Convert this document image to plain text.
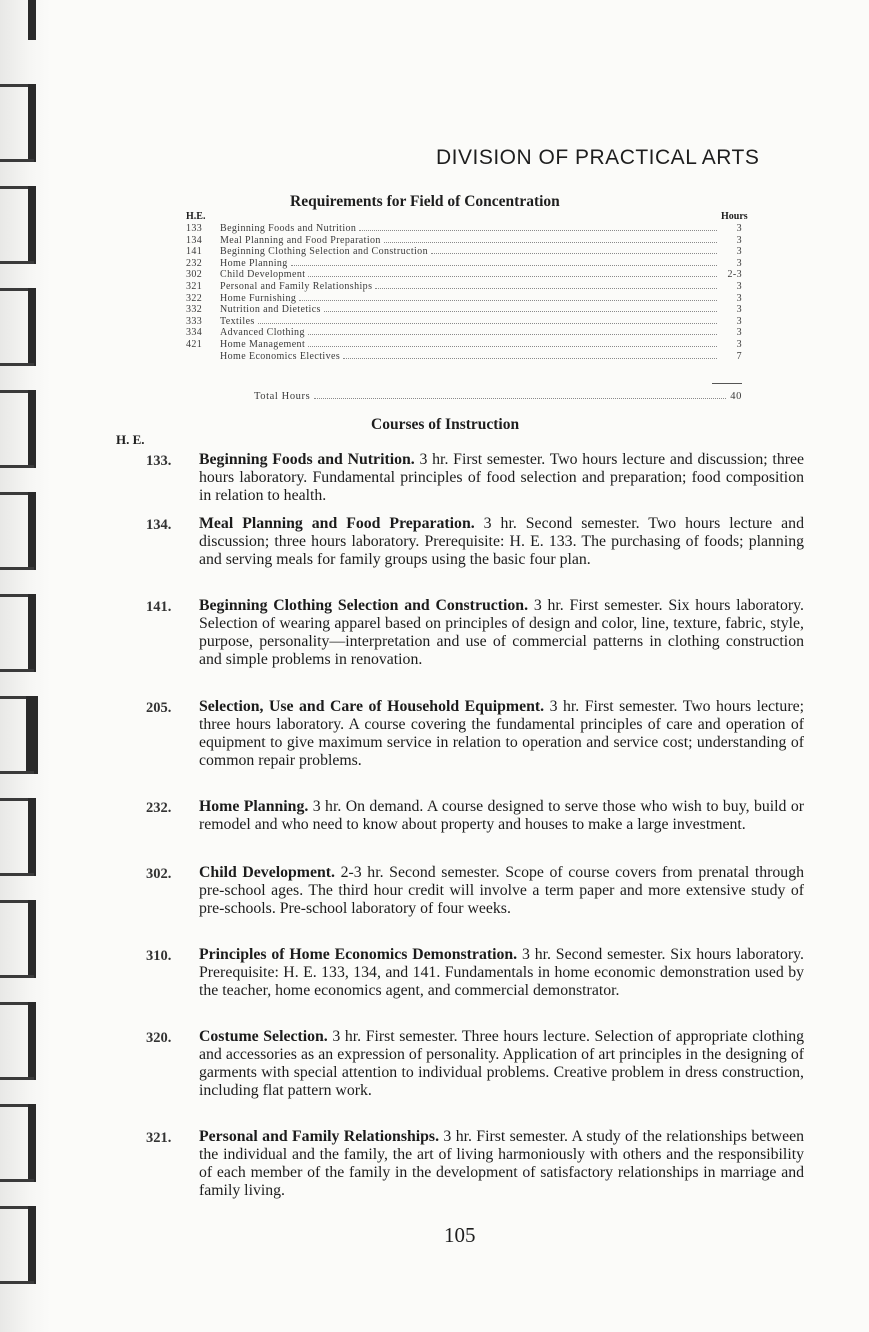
DIVISION OF PRACTICAL ARTS
Requirements for Field of Concentration
H.E.	Hours
133	Beginning Foods and Nutrition	3
134	Meal Planning and Food Preparation	3
141	Beginning Clothing Selection and Construction	3
232	Home Planning	3
302	Child Development	2-3
321	Personal and Family Relationships	3
322	Home Furnishing	3
332	Nutrition and Dietetics	3
333	Textiles	3
334	Advanced Clothing	3
421	Home Management	3
Home Economics Electives	7
Total Hours	40
Courses of Instruction
H. E.
133. Beginning Foods and Nutrition. 3 hr. First semester. Two hours lecture and discussion; three hours laboratory. Fundamental principles of food selection and preparation; food composition in relation to health.
134. Meal Planning and Food Preparation. 3 hr. Second semester. Two hours lecture and discussion; three hours laboratory. Prerequisite: H. E. 133. The purchasing of foods; planning and serving meals for family groups using the basic four plan.
141. Beginning Clothing Selection and Construction. 3 hr. First semester. Six hours laboratory. Selection of wearing apparel based on principles of design and color, line, texture, fabric, style, purpose, personality—interpretation and use of commercial patterns in clothing construction and simple problems in renovation.
205. Selection, Use and Care of Household Equipment. 3 hr. First semester. Two hours lecture; three hours laboratory. A course covering the fundamental principles of care and operation of equipment to give maximum service in relation to operation and service cost; understanding of common repair problems.
232. Home Planning. 3 hr. On demand. A course designed to serve those who wish to buy, build or remodel and who need to know about property and houses to make a large investment.
302. Child Development. 2-3 hr. Second semester. Scope of course covers from prenatal through pre-school ages. The third hour credit will involve a term paper and more extensive study of pre-schools. Pre-school laboratory of four weeks.
310. Principles of Home Economics Demonstration. 3 hr. Second semester. Six hours laboratory. Prerequisite: H. E. 133, 134, and 141. Fundamentals in home economic demonstration used by the teacher, home economics agent, and commercial demonstrator.
320. Costume Selection. 3 hr. First semester. Three hours lecture. Selection of appropriate clothing and accessories as an expression of personality. Application of art principles in the designing of garments with special attention to individual problems. Creative problem in dress construction, including flat pattern work.
321. Personal and Family Relationships. 3 hr. First semester. A study of the relationships between the individual and the family, the art of living harmoniously with others and the responsibility of each member of the family in the development of satisfactory relationships in marriage and family living.
105
